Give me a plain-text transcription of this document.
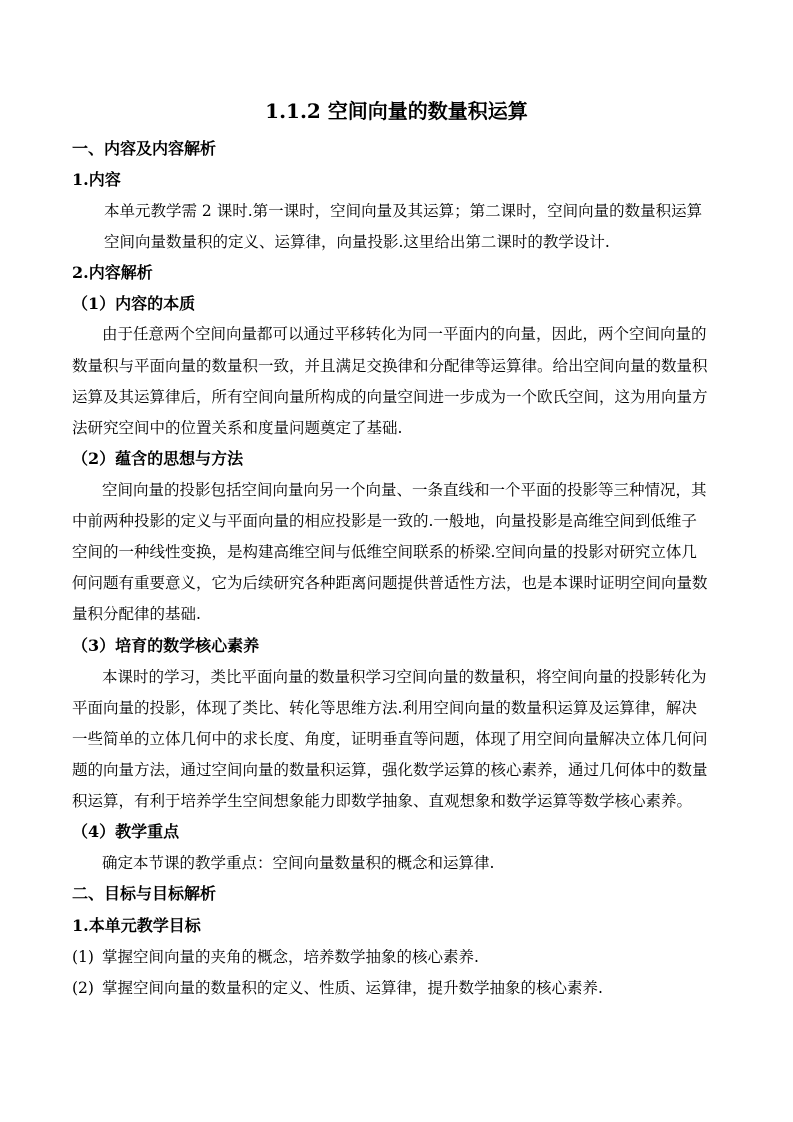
1.1.2 空间向量的数量积运算
一、内容及内容解析
1.内容
本单元教学需 2 课时.第一课时，空间向量及其运算；第二课时，空间向量的数量积运算
空间向量数量积的定义、运算律，向量投影.这里给出第二课时的教学设计.
2.内容解析
（1）内容的本质
由于任意两个空间向量都可以通过平移转化为同一平面内的向量，因此，两个空间向量的
数量积与平面向量的数量积一致，并且满足交换律和分配律等运算律。给出空间向量的数量积
运算及其运算律后，所有空间向量所构成的向量空间进一步成为一个欧氏空间，这为用向量方
法研究空间中的位置关系和度量问题奠定了基础.
（2）蕴含的思想与方法
空间向量的投影包括空间向量向另一个向量、一条直线和一个平面的投影等三种情况，其
中前两种投影的定义与平面向量的相应投影是一致的.一般地，向量投影是高维空间到低维子
空间的一种线性变换，是构建高维空间与低维空间联系的桥梁.空间向量的投影对研究立体几
何问题有重要意义，它为后续研究各种距离问题提供普适性方法，也是本课时证明空间向量数
量积分配律的基础.
（3）培育的数学核心素养
本课时的学习，类比平面向量的数量积学习空间向量的数量积，将空间向量的投影转化为
平面向量的投影，体现了类比、转化等思维方法.利用空间向量的数量积运算及运算律，解决
一些简单的立体几何中的求长度、角度，证明垂直等问题，体现了用空间向量解决立体几何问
题的向量方法，通过空间向量的数量积运算，强化数学运算的核心素养，通过几何体中的数量
积运算，有利于培养学生空间想象能力即数学抽象、直观想象和数学运算等数学核心素养。
（4）教学重点
确定本节课的教学重点：空间向量数量积的概念和运算律.
二、目标与目标解析
1.本单元教学目标
(1) 掌握空间向量的夹角的概念，培养数学抽象的核心素养.
(2) 掌握空间向量的数量积的定义、性质、运算律，提升数学抽象的核心素养.
